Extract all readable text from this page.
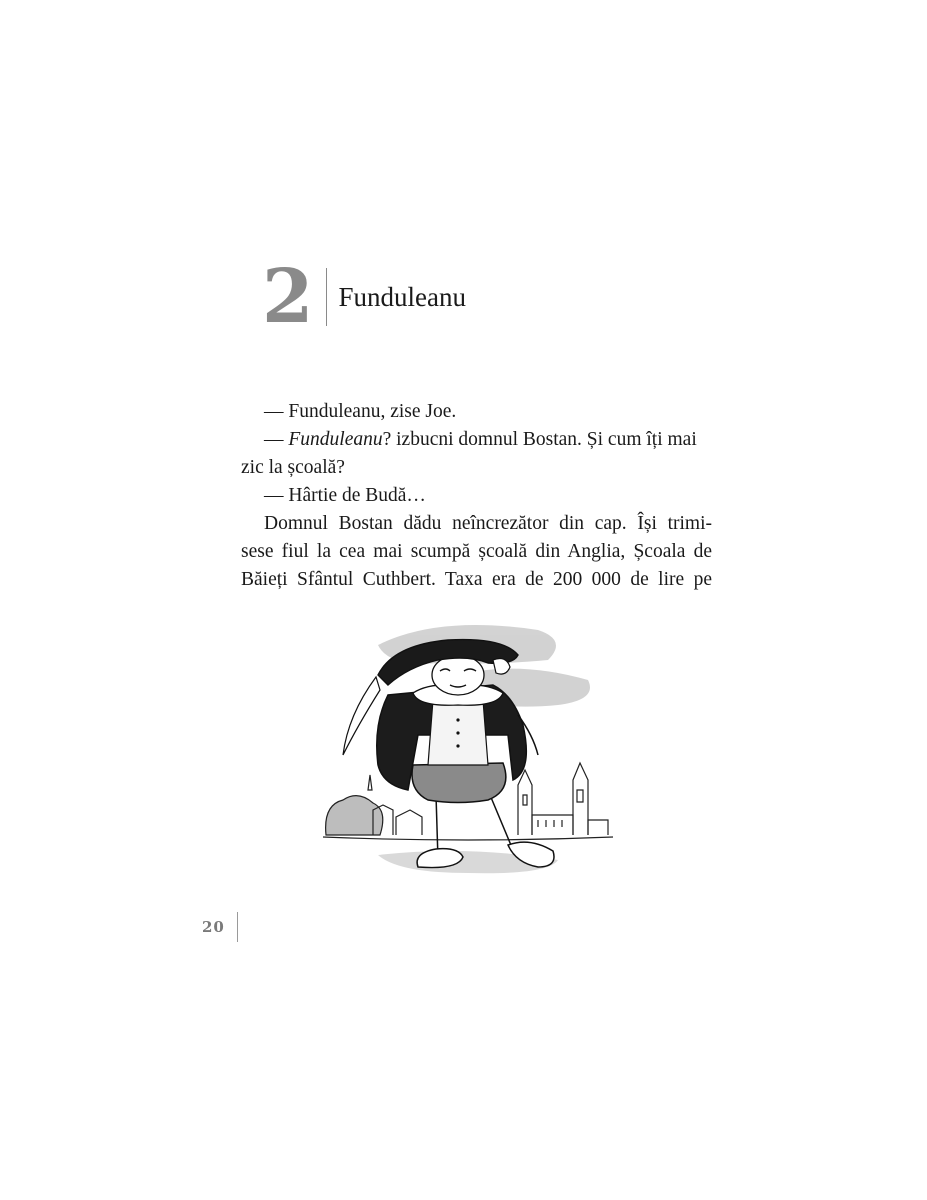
2 Funduleanu

— Funduleanu, zise Joe.

— Funduleanu? izbucni domnul Bostan. Și cum îți mai

zic la școală?

— Hârtie de Budă…

Domnul Bostan dădu neîncrezător din cap. Își trimi-
sese fiul la cea mai scumpă școală din Anglia, Școala de
Băieți Sfântul Cuthbert. Taxa era de 200 000 de lire pe
20
